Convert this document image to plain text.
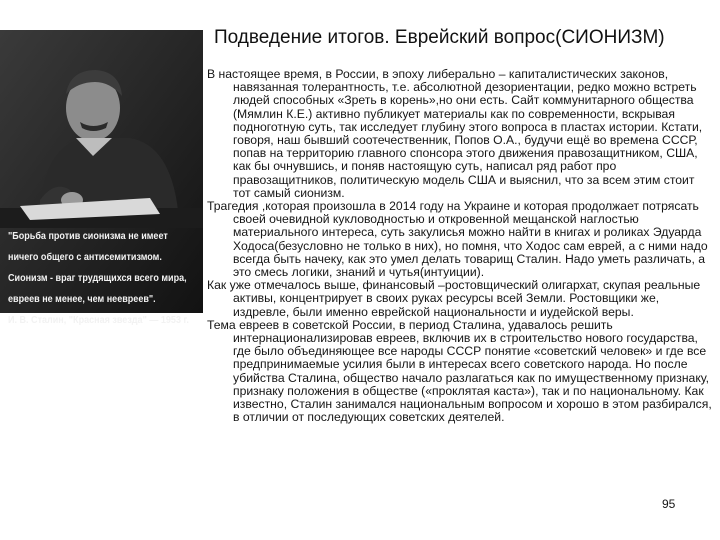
Подведение итогов. Еврейский вопрос(СИОНИЗМ)
"Борьба против сионизма не имеет
ничего общего с антисемитизмом.
Сионизм - враг трудящихся всего мира,
евреев не менее, чем неевреев".
И. В. Сталин, "Красная звезда" — 1953 г.

В настоящее время, в России, в эпоху либерально – капиталистических законов, навязанная толерантность, т.е. абсолютной дезориентации, редко можно встреть людей способных «Зреть в корень»,но они есть. Сайт коммунитарного общества (Мямлин К.Е.) активно публикует материалы как по современности, вскрывая подноготную суть, так исследует глубину этого вопроса в пластах истории. Кстати, говоря, наш бывший соотечественник, Попов О.А., будучи ещё во времена СССР, попав на территорию главного спонсора этого движения правозащитником, США, как бы очнувшись, и поняв настоящую суть, написал ряд работ про правозащитников, политическую модель США и выяснил, что за всем этим стоит тот самый сионизм.

Трагедия ,которая произошла в 2014 году на Украине и которая продолжает потрясать своей очевидной кукловодностью и откровенной мещанской наглостью материального интереса, суть закулисья можно найти в книгах и роликах Эдуарда Ходоса(безусловно не только в них), но помня, что Ходос сам еврей, а с ними надо всегда быть начеку, как это умел делать товарищ Сталин. Надо уметь различать, а это смесь логики, знаний и чутья(интуиции).

Как уже отмечалось выше, финансовый –ростовщический олигархат, скупая реальные активы, концентрирует в своих руках ресурсы всей Земли. Ростовщики же, издревле, были именно еврейской национальности и иудейской веры.

Тема евреев в советской России, в период Сталина, удавалось решить интернационализировав евреев, включив их в строительство нового государства, где было объединяющее все народы СССР понятие «советский человек» и где все предпринимаемые усилия были в интересах всего советского народа. Но после убийства Сталина, общество начало разлагаться как по имущественному признаку, признаку положения в обществе («проклятая каста»), так и по национальному. Как известно, Сталин занимался национальным вопросом и хорошо в этом разбирался, в отличии от последующих советских деятелей.

95
